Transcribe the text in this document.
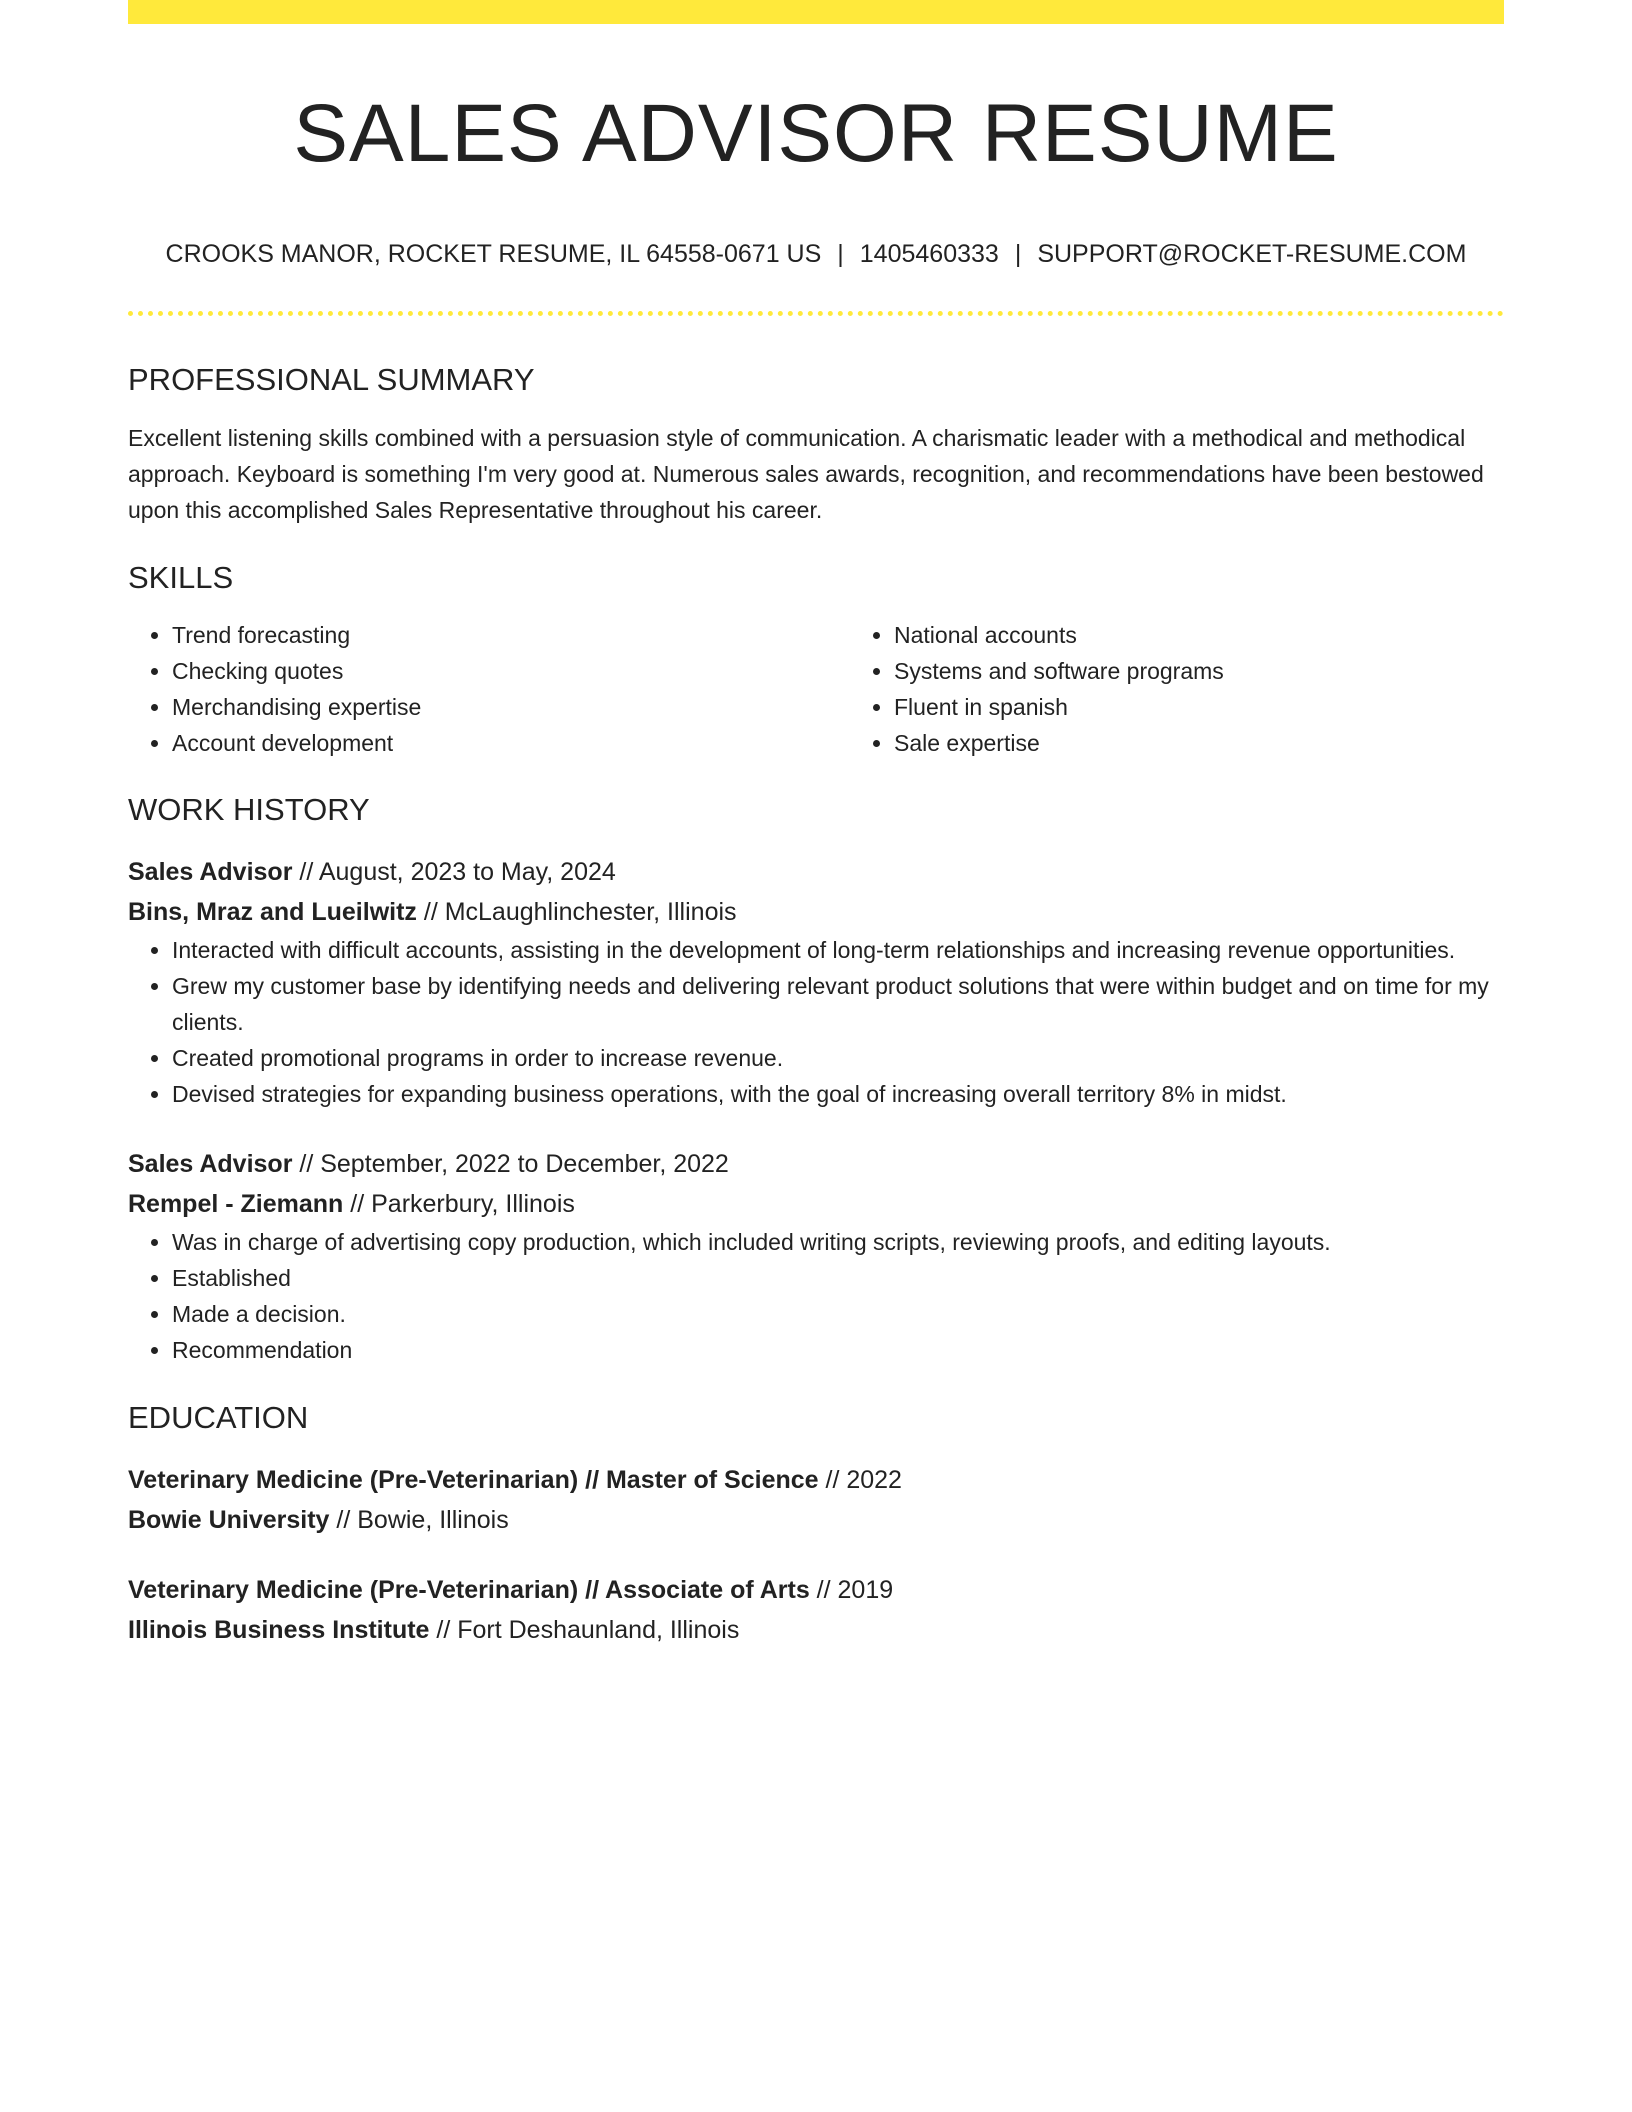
SALES ADVISOR RESUME
CROOKS MANOR, ROCKET RESUME, IL 64558-0671 US | 1405460333 | SUPPORT@ROCKET-RESUME.COM
PROFESSIONAL SUMMARY

Excellent listening skills combined with a persuasion style of communication. A charismatic leader with a methodical and methodical approach. Keyboard is something I'm very good at. Numerous sales awards, recognition, and recommendations have been bestowed upon this accomplished Sales Representative throughout his career.

SKILLS
• Trend forecasting
• Checking quotes
• Merchandising expertise
• Account development
• National accounts
• Systems and software programs
• Fluent in spanish
• Sale expertise
WORK HISTORY
Sales Advisor // August, 2023 to May, 2024
Bins, Mraz and Lueilwitz // McLaughlinchester, Illinois
• Interacted with difficult accounts, assisting in the development of long-term relationships and increasing revenue opportunities.
• Grew my customer base by identifying needs and delivering relevant product solutions that were within budget and on time for my clients.
• Created promotional programs in order to increase revenue.
• Devised strategies for expanding business operations, with the goal of increasing overall territory 8% in midst.
Sales Advisor // September, 2022 to December, 2022
Rempel - Ziemann // Parkerbury, Illinois
• Was in charge of advertising copy production, which included writing scripts, reviewing proofs, and editing layouts.
• Established
• Made a decision.
• Recommendation
EDUCATION
Veterinary Medicine (Pre-Veterinarian) // Master of Science // 2022
Bowie University // Bowie, Illinois
Veterinary Medicine (Pre-Veterinarian) // Associate of Arts // 2019
Illinois Business Institute // Fort Deshaunland, Illinois
